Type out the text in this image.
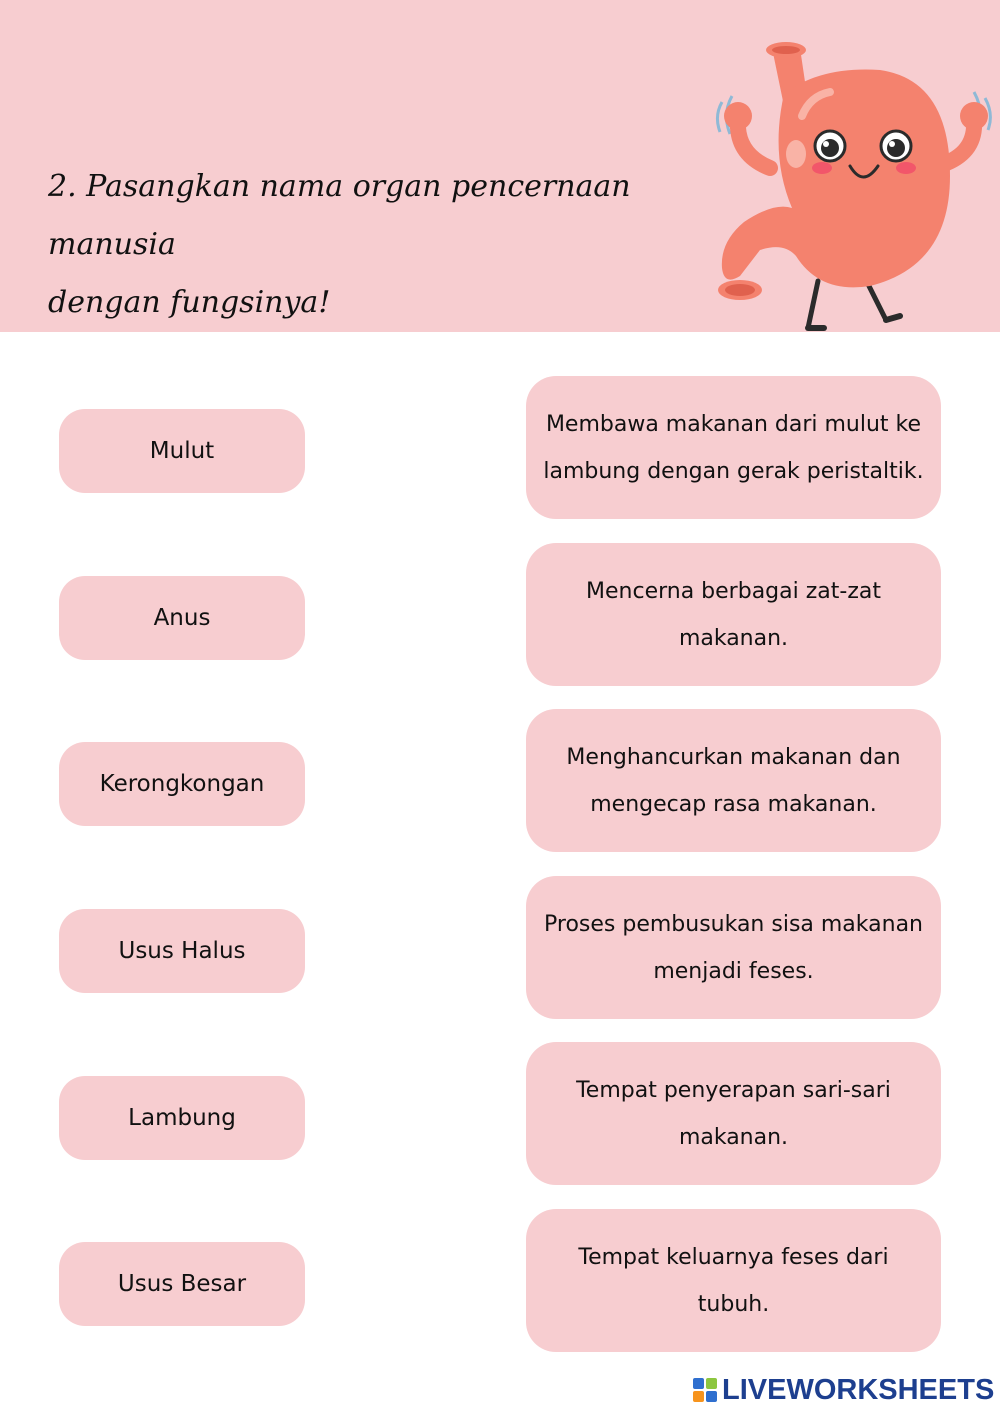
2. Pasangkan nama organ pencernaan manusia
dengan fungsinya!
Mulut
Anus
Kerongkongan
Usus Halus
Lambung
Usus Besar
Membawa makanan dari mulut ke
lambung dengan gerak peristaltik.
Mencerna berbagai zat-zat
makanan.
Menghancurkan makanan dan
mengecap rasa makanan.
Proses pembusukan sisa makanan
menjadi feses.
Tempat penyerapan sari-sari
makanan.
Tempat keluarnya feses dari
tubuh.
LIVEWORKSHEETS
